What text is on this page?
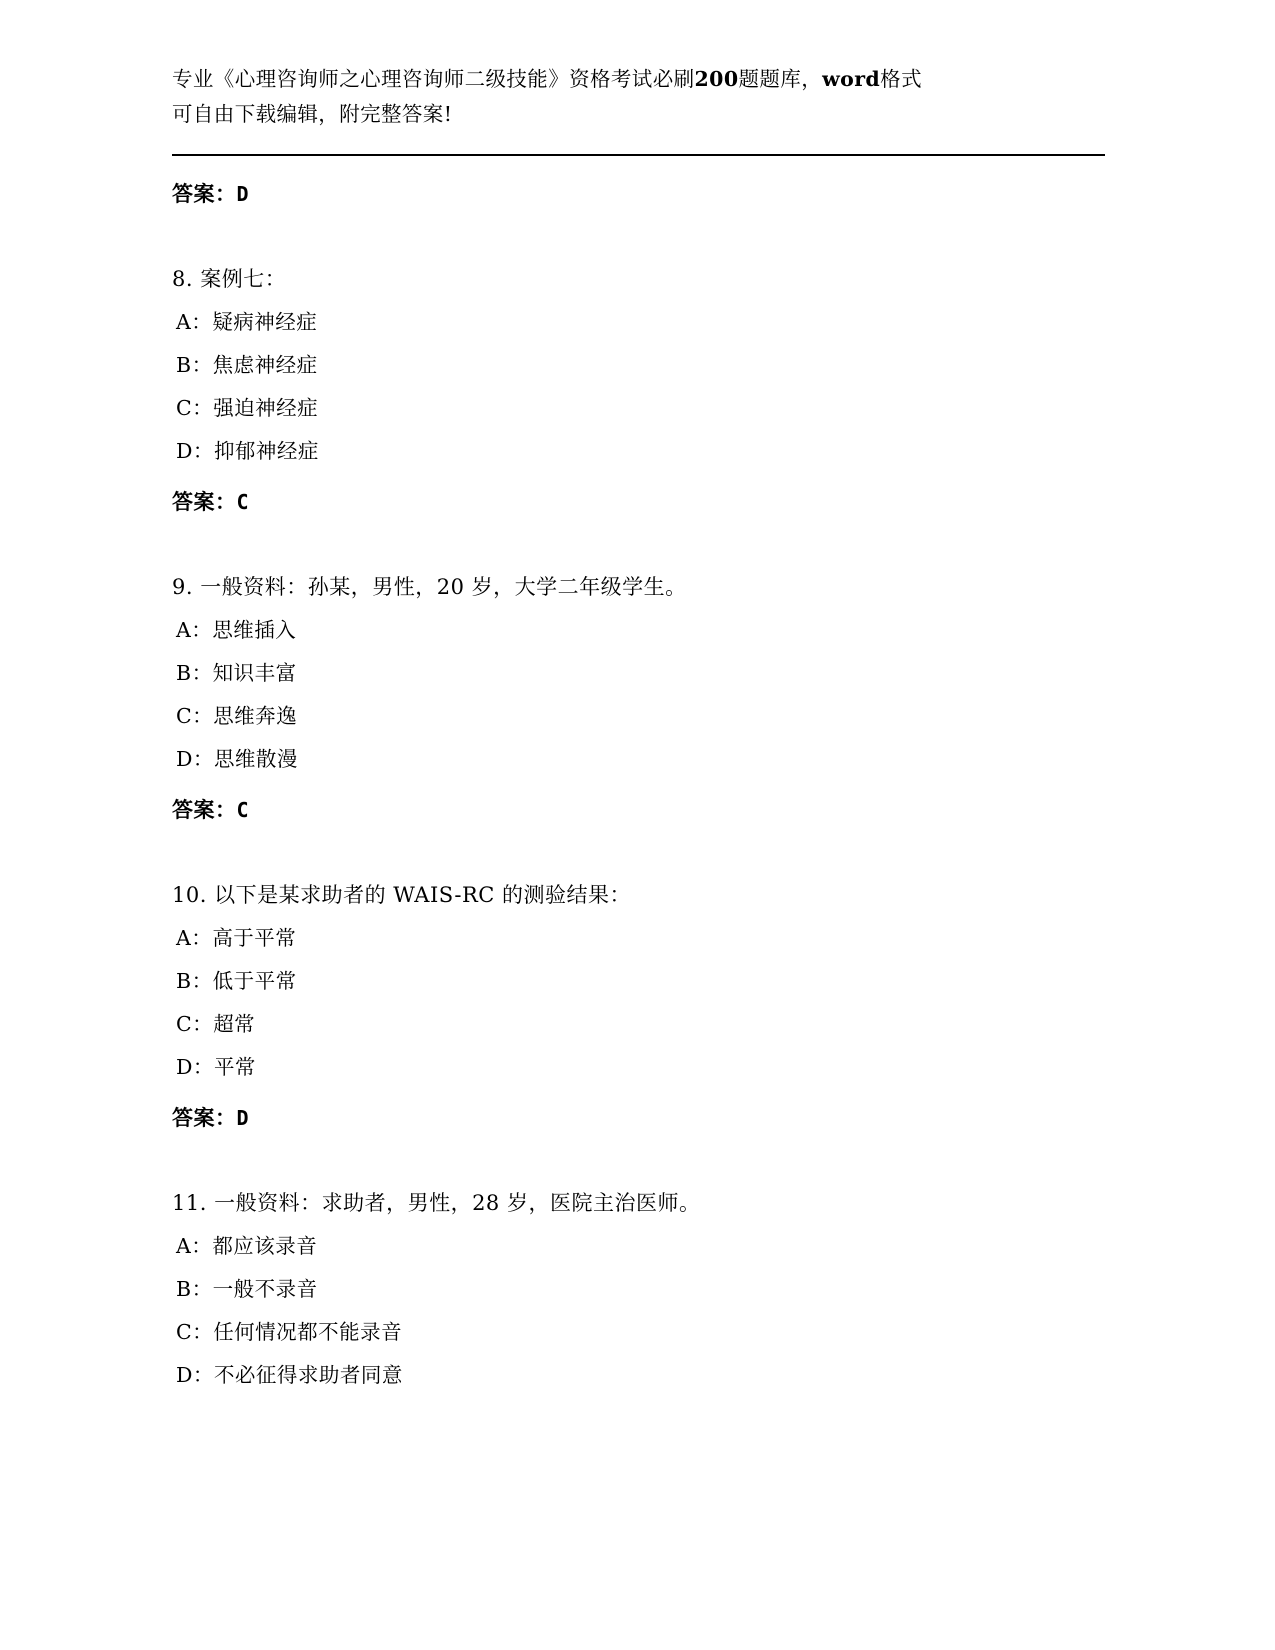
专业《心理咨询师之心理咨询师二级技能》资格考试必刷200题题库，word格式
可自由下载编辑，附完整答案!
答案：D
8. 案例七：
A：疑病神经症
B：焦虑神经症
C：强迫神经症
D：抑郁神经症
答案：C
9. 一般资料：孙某，男性，20 岁，大学二年级学生。
A：思维插入
B：知识丰富
C：思维奔逸
D：思维散漫
答案：C
10. 以下是某求助者的 WAIS-RC 的测验结果：
A：高于平常
B：低于平常
C：超常
D：平常
答案：D
11. 一般资料：求助者，男性，28 岁，医院主治医师。
A：都应该录音
B：一般不录音
C：任何情况都不能录音
D：不必征得求助者同意
